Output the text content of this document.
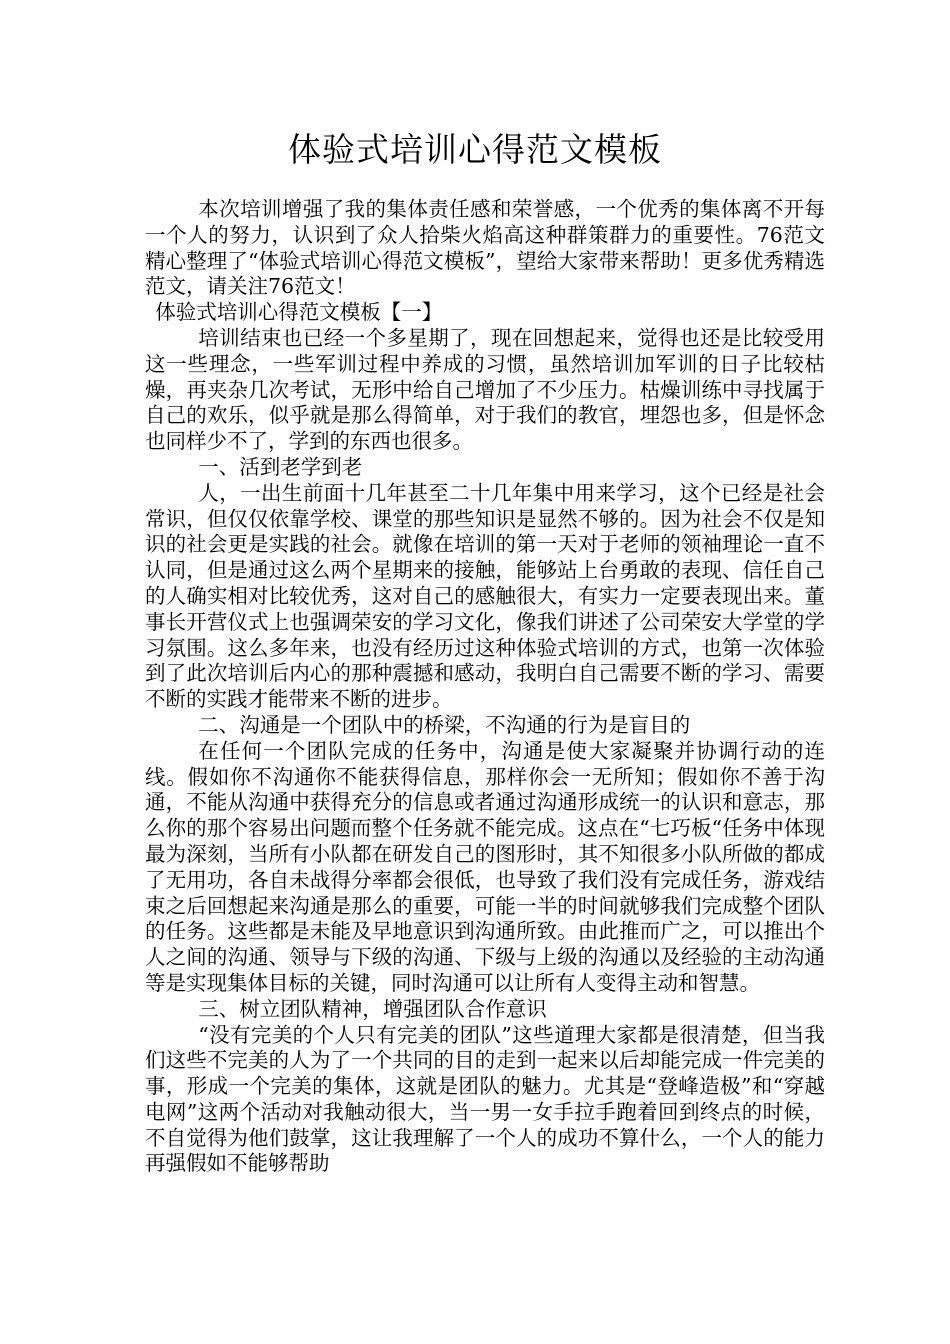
体验式培训心得范文模板

本次培训增强了我的集体责任感和荣誉感，一个优秀的集体离不开每一个人的努力，认识到了众人拾柴火焰高这种群策群力的重要性。76范文精心整理了“体验式培训心得范文模板”，望给大家带来帮助！更多优秀精选范文，请关注76范文！

体验式培训心得范文模板【一】

培训结束也已经一个多星期了，现在回想起来，觉得也还是比较受用这一些理念，一些军训过程中养成的习惯，虽然培训加军训的日子比较枯燥，再夹杂几次考试，无形中给自己增加了不少压力。枯燥训练中寻找属于自己的欢乐，似乎就是那么得简单，对于我们的教官，埋怨也多，但是怀念也同样少不了，学到的东西也很多。

一、活到老学到老

人，一出生前面十几年甚至二十几年集中用来学习，这个已经是社会常识，但仅仅依靠学校、课堂的那些知识是显然不够的。因为社会不仅是知识的社会更是实践的社会。就像在培训的第一天对于老师的领袖理论一直不认同，但是通过这么两个星期来的接触，能够站上台勇敢的表现、信任自己的人确实相对比较优秀，这对自己的感触很大，有实力一定要表现出来。董事长开营仪式上也强调荣安的学习文化，像我们讲述了公司荣安大学堂的学习氛围。这么多年来，也没有经历过这种体验式培训的方式，也第一次体验到了此次培训后内心的那种震撼和感动，我明白自己需要不断的学习、需要不断的实践才能带来不断的进步。

二、沟通是一个团队中的桥梁，不沟通的行为是盲目的

在任何一个团队完成的任务中，沟通是使大家凝聚并协调行动的连线。假如你不沟通你不能获得信息，那样你会一无所知；假如你不善于沟通，不能从沟通中获得充分的信息或者通过沟通形成统一的认识和意志，那么你的那个容易出问题而整个任务就不能完成。这点在“七巧板“任务中体现最为深刻，当所有小队都在研发自己的图形时，其不知很多小队所做的都成了无用功，各自未战得分率都会很低，也导致了我们没有完成任务，游戏结束之后回想起来沟通是那么的重要，可能一半的时间就够我们完成整个团队的任务。这些都是未能及早地意识到沟通所致。由此推而广之，可以推出个人之间的沟通、领导与下级的沟通、下级与上级的沟通以及经验的主动沟通等是实现集体目标的关键，同时沟通可以让所有人变得主动和智慧。

三、树立团队精神，增强团队合作意识

“没有完美的个人只有完美的团队”这些道理大家都是很清楚，但当我们这些不完美的人为了一个共同的目的走到一起来以后却能完成一件完美的事，形成一个完美的集体，这就是团队的魅力。尤其是“登峰造极”和“穿越电网”这两个活动对我触动很大，当一男一女手拉手跑着回到终点的时候，不自觉得为他们鼓掌，这让我理解了一个人的成功不算什么，一个人的能力再强假如不能够帮助
